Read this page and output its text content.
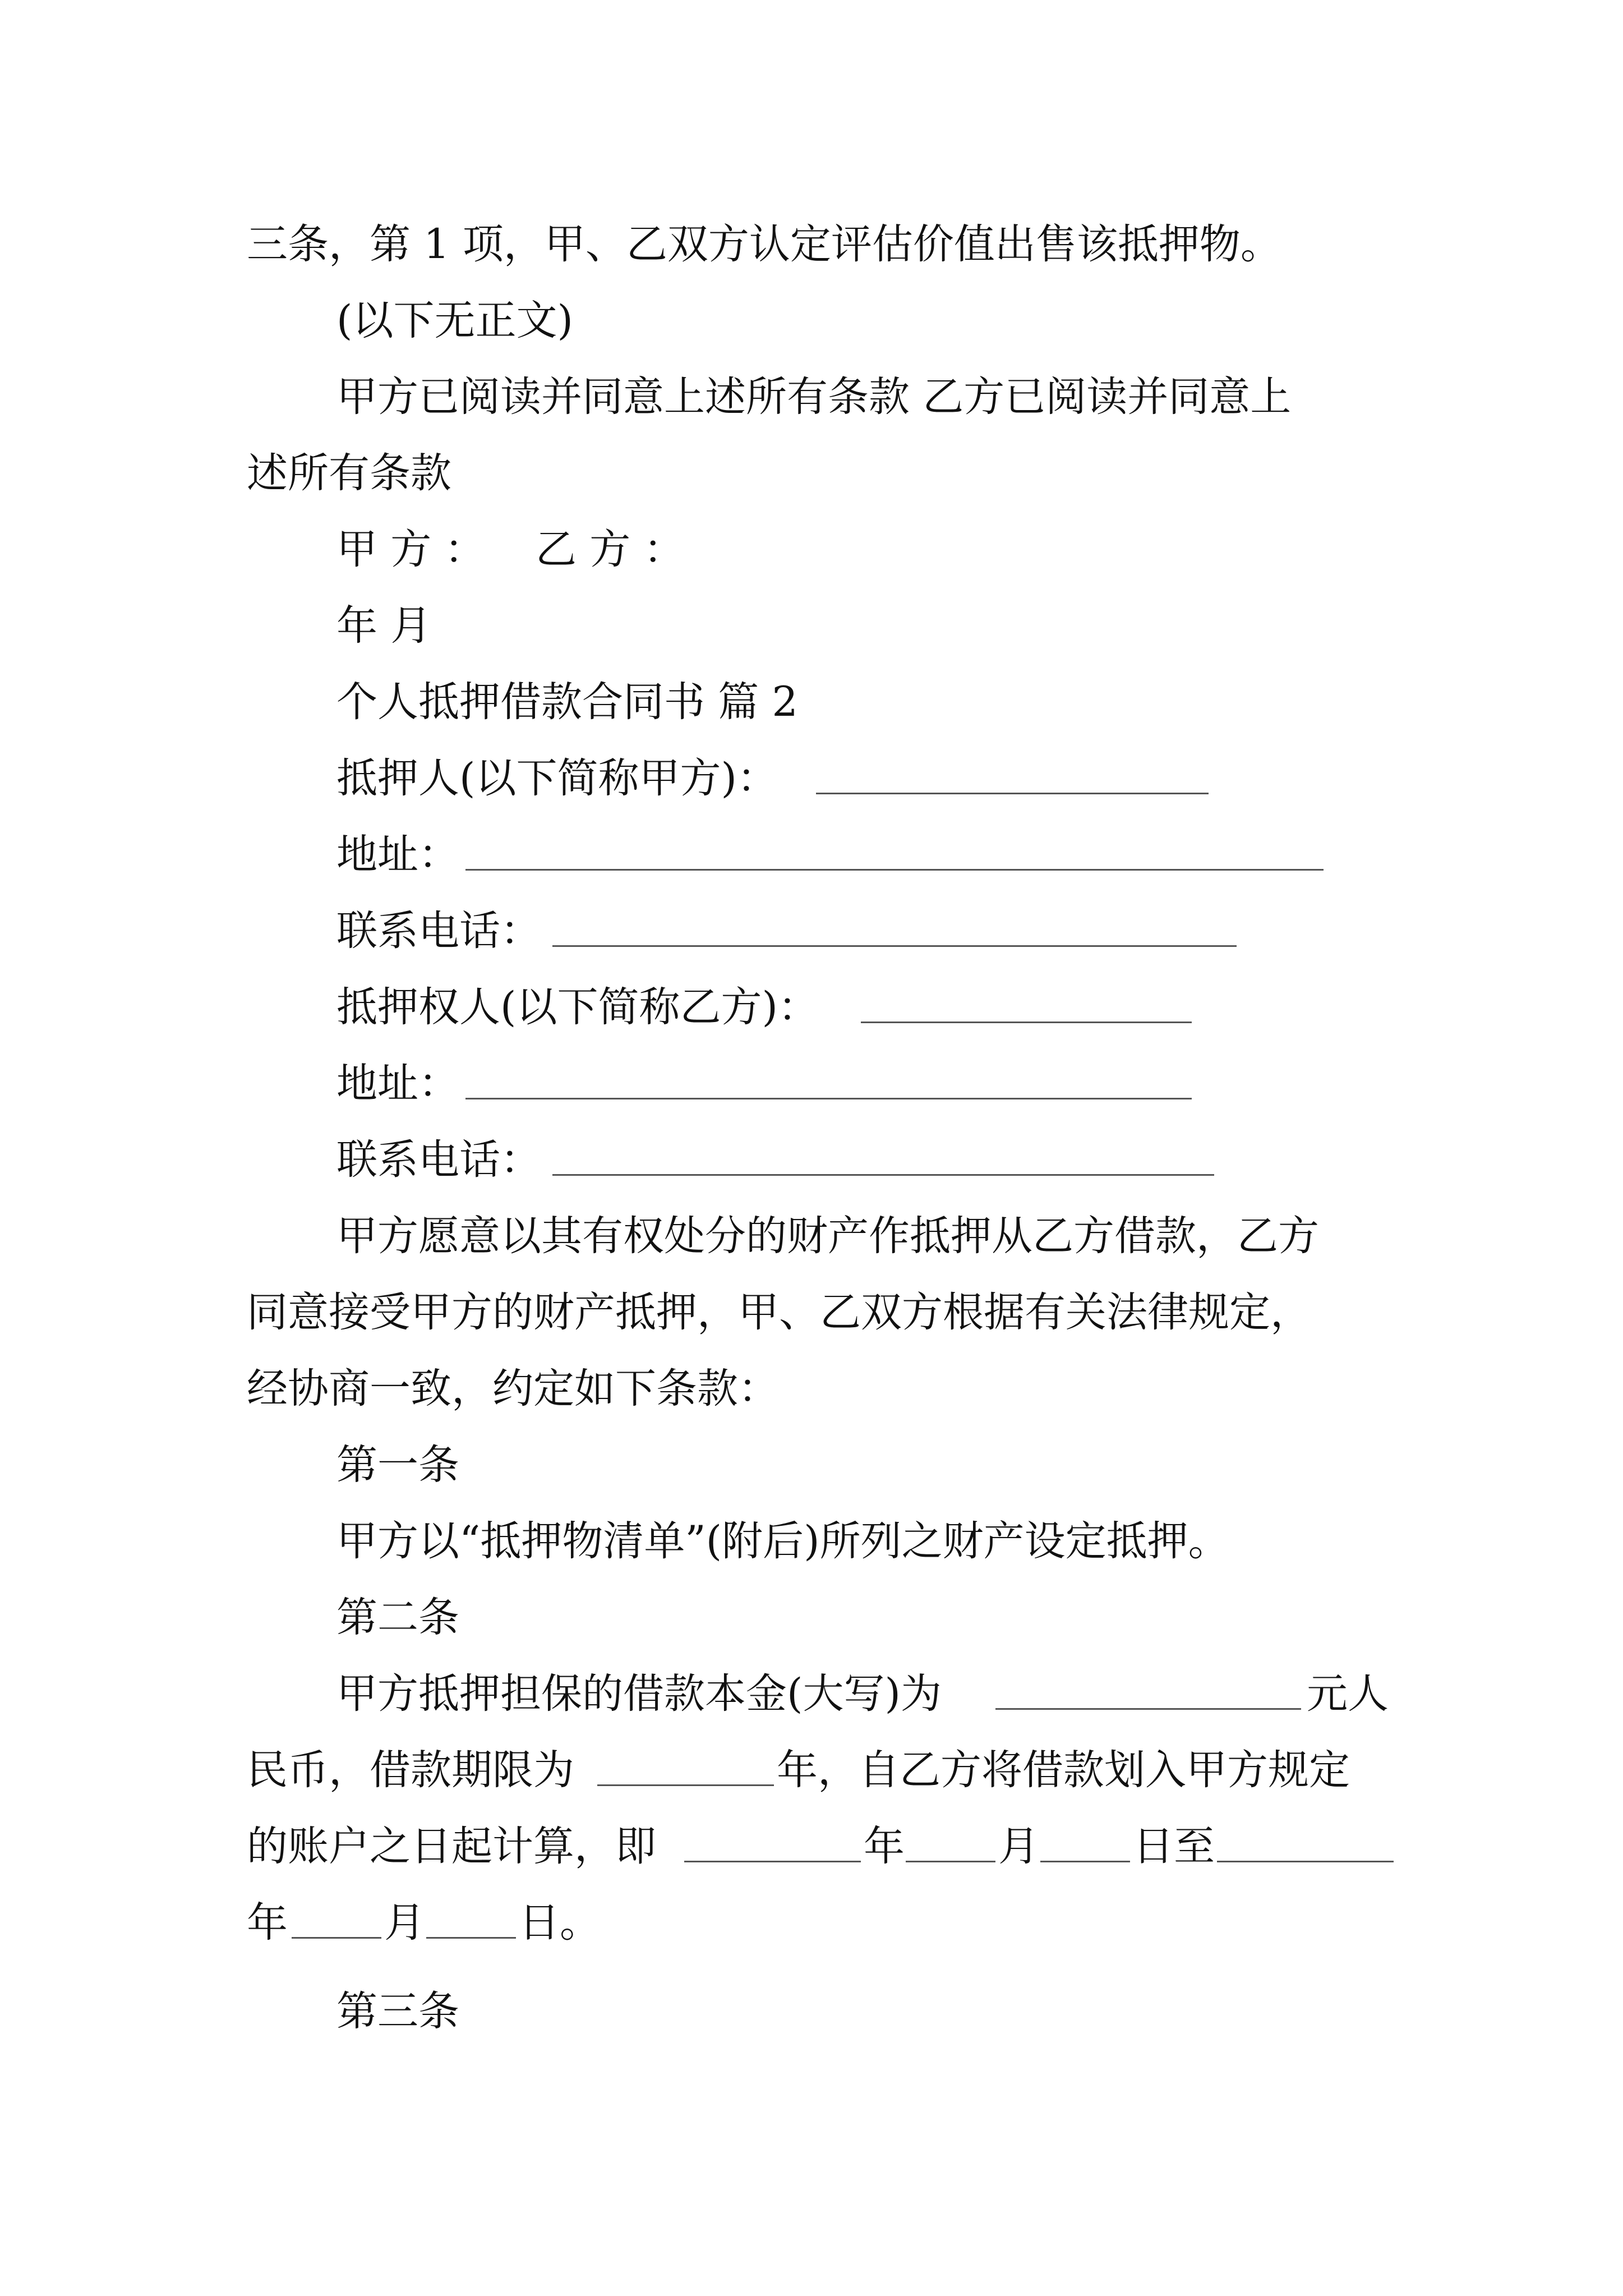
三条，第 1 项，甲、乙双方认定评估价值出售该抵押物。
(以下无正文)
甲方已阅读并同意上述所有条款 乙方已阅读并同意上
述所有条款
甲 方 ： 乙 方 ：
年 月
个人抵押借款合同书 篇 2
抵押人(以下简称甲方)：
地址：
联系电话：
抵押权人(以下简称乙方)：
地址：
联系电话：
甲方愿意以其有权处分的财产作抵押从乙方借款，乙方
同意接受甲方的财产抵押，甲、乙双方根据有关法律规定，
经协商一致，约定如下条款：
第一条
甲方以“抵押物清单”(附后)所列之财产设定抵押。
第二条
甲方抵押担保的借款本金(大写)为	元人
民币，借款期限为	年，自乙方将借款划入甲方规定
的账户之日起计算，即	年 月 日至
年 月 日。
第三条
